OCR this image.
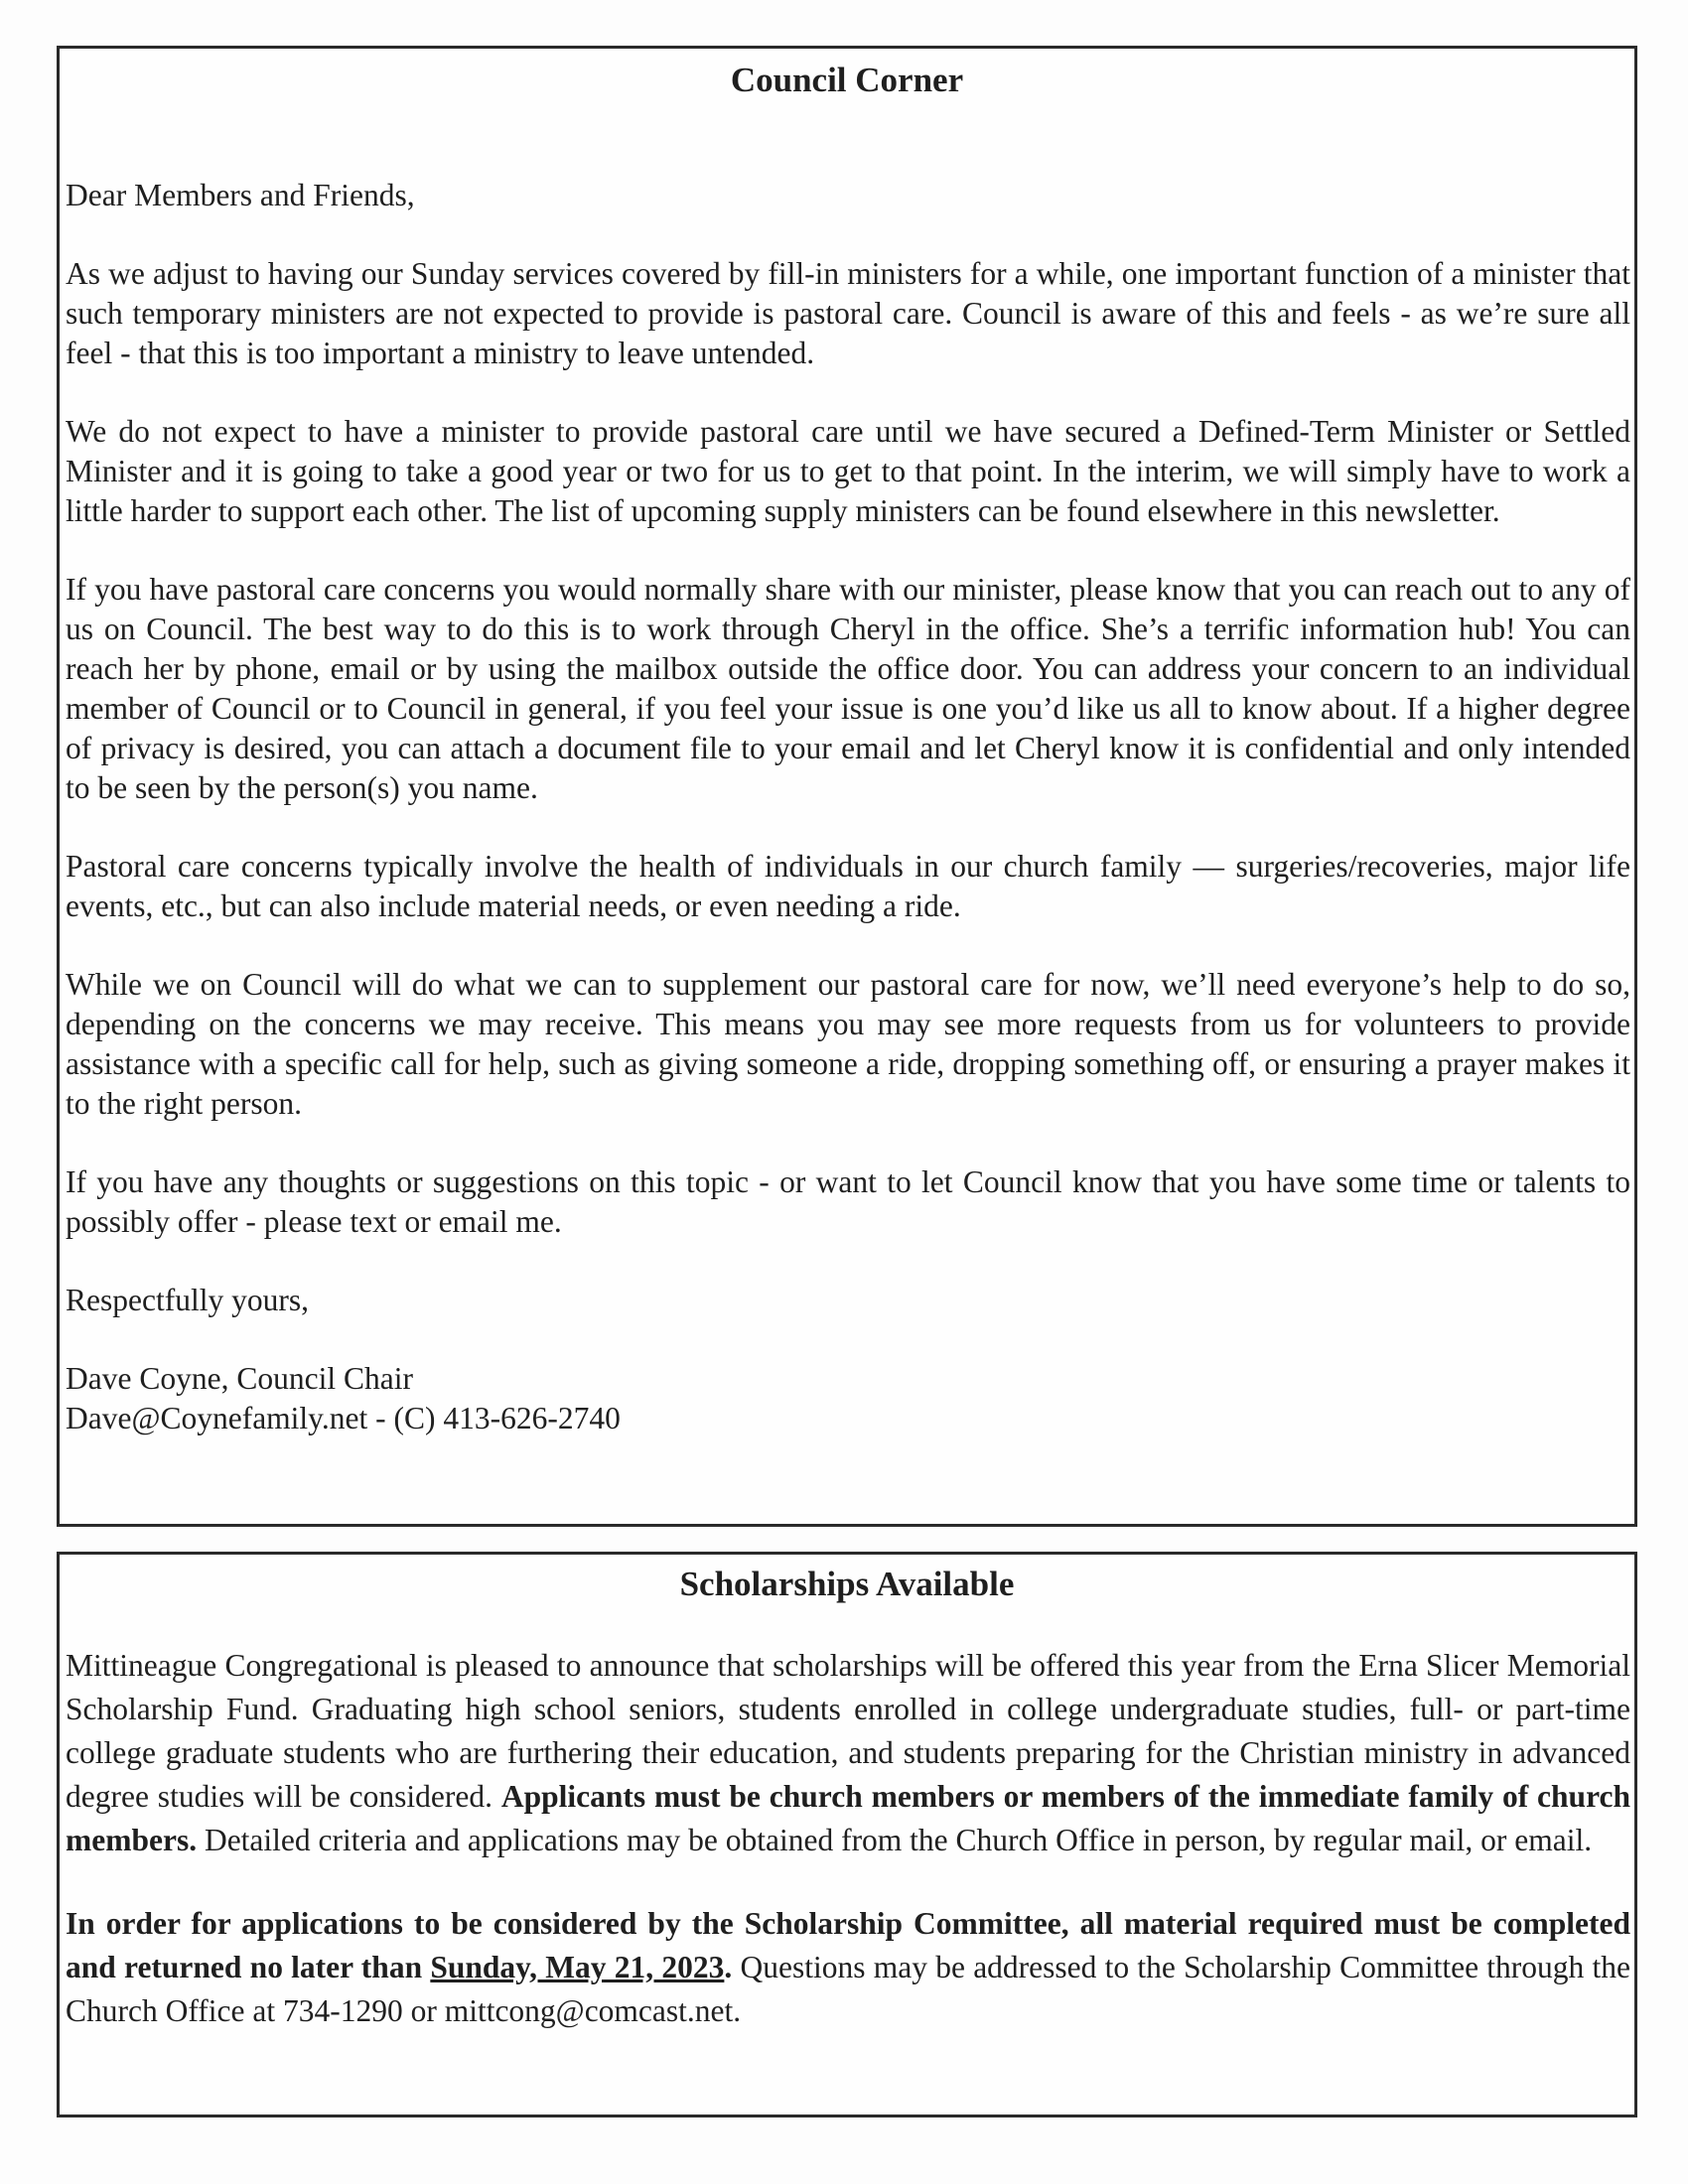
Council Corner

Dear Members and Friends,

As we adjust to having our Sunday services covered by fill-in ministers for a while, one important function of a minister that such temporary ministers are not expected to provide is pastoral care. Council is aware of this and feels - as we’re sure all feel - that this is too important a ministry to leave untended.

We do not expect to have a minister to provide pastoral care until we have secured a Defined-Term Minister or Settled Minister and it is going to take a good year or two for us to get to that point. In the interim, we will simply have to work a little harder to support each other. The list of upcoming supply ministers can be found elsewhere in this newsletter.

If you have pastoral care concerns you would normally share with our minister, please know that you can reach out to any of us on Council. The best way to do this is to work through Cheryl in the office. She’s a terrific information hub! You can reach her by phone, email or by using the mailbox outside the office door. You can address your concern to an individual member of Council or to Council in general, if you feel your issue is one you’d like us all to know about. If a higher degree of privacy is desired, you can attach a document file to your email and let Cheryl know it is confidential and only intended to be seen by the person(s) you name.

Pastoral care concerns typically involve the health of individuals in our church family — surgeries/recoveries, major life events, etc., but can also include material needs, or even needing a ride.

While we on Council will do what we can to supplement our pastoral care for now, we’ll need everyone’s help to do so, depending on the concerns we may receive. This means you may see more requests from us for volunteers to provide assistance with a specific call for help, such as giving someone a ride, dropping something off, or ensuring a prayer makes it to the right person.

If you have any thoughts or suggestions on this topic - or want to let Council know that you have some time or talents to possibly offer - please text or email me.

Respectfully yours,

Dave Coyne, Council Chair

Dave@Coynefamily.net - (C) 413-626-2740

Scholarships Available

Mittineague Congregational is pleased to announce that scholarships will be offered this year from the Erna Slicer Memorial Scholarship Fund. Graduating high school seniors, students enrolled in college undergraduate studies, full- or part-time college graduate students who are furthering their education, and students preparing for the Christian ministry in advanced degree studies will be considered. Applicants must be church members or members of the immediate family of church members. Detailed criteria and applications may be obtained from the Church Office in person, by regular mail, or email.

In order for applications to be considered by the Scholarship Committee, all material required must be completed and returned no later than Sunday, May 21, 2023. Questions may be addressed to the Scholarship Committee through the Church Office at 734-1290 or mittcong@comcast.net.
